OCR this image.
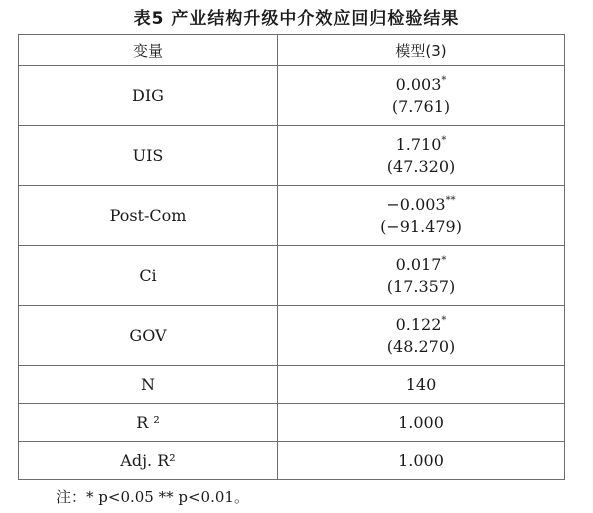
表5 产业结构升级中介效应回归检验结果
变量	模型(3)
DIG	0.003*
(7.761)

UIS	1.710*
(47.320)

Post-Com	−0.003**
(−91.479)

Ci	0.017*
(17.357)

GOV	0.122*
(48.270)

N	140
R ²	1.000
Adj. R²	1.000
注：* p<0.05 ** p<0.01。
